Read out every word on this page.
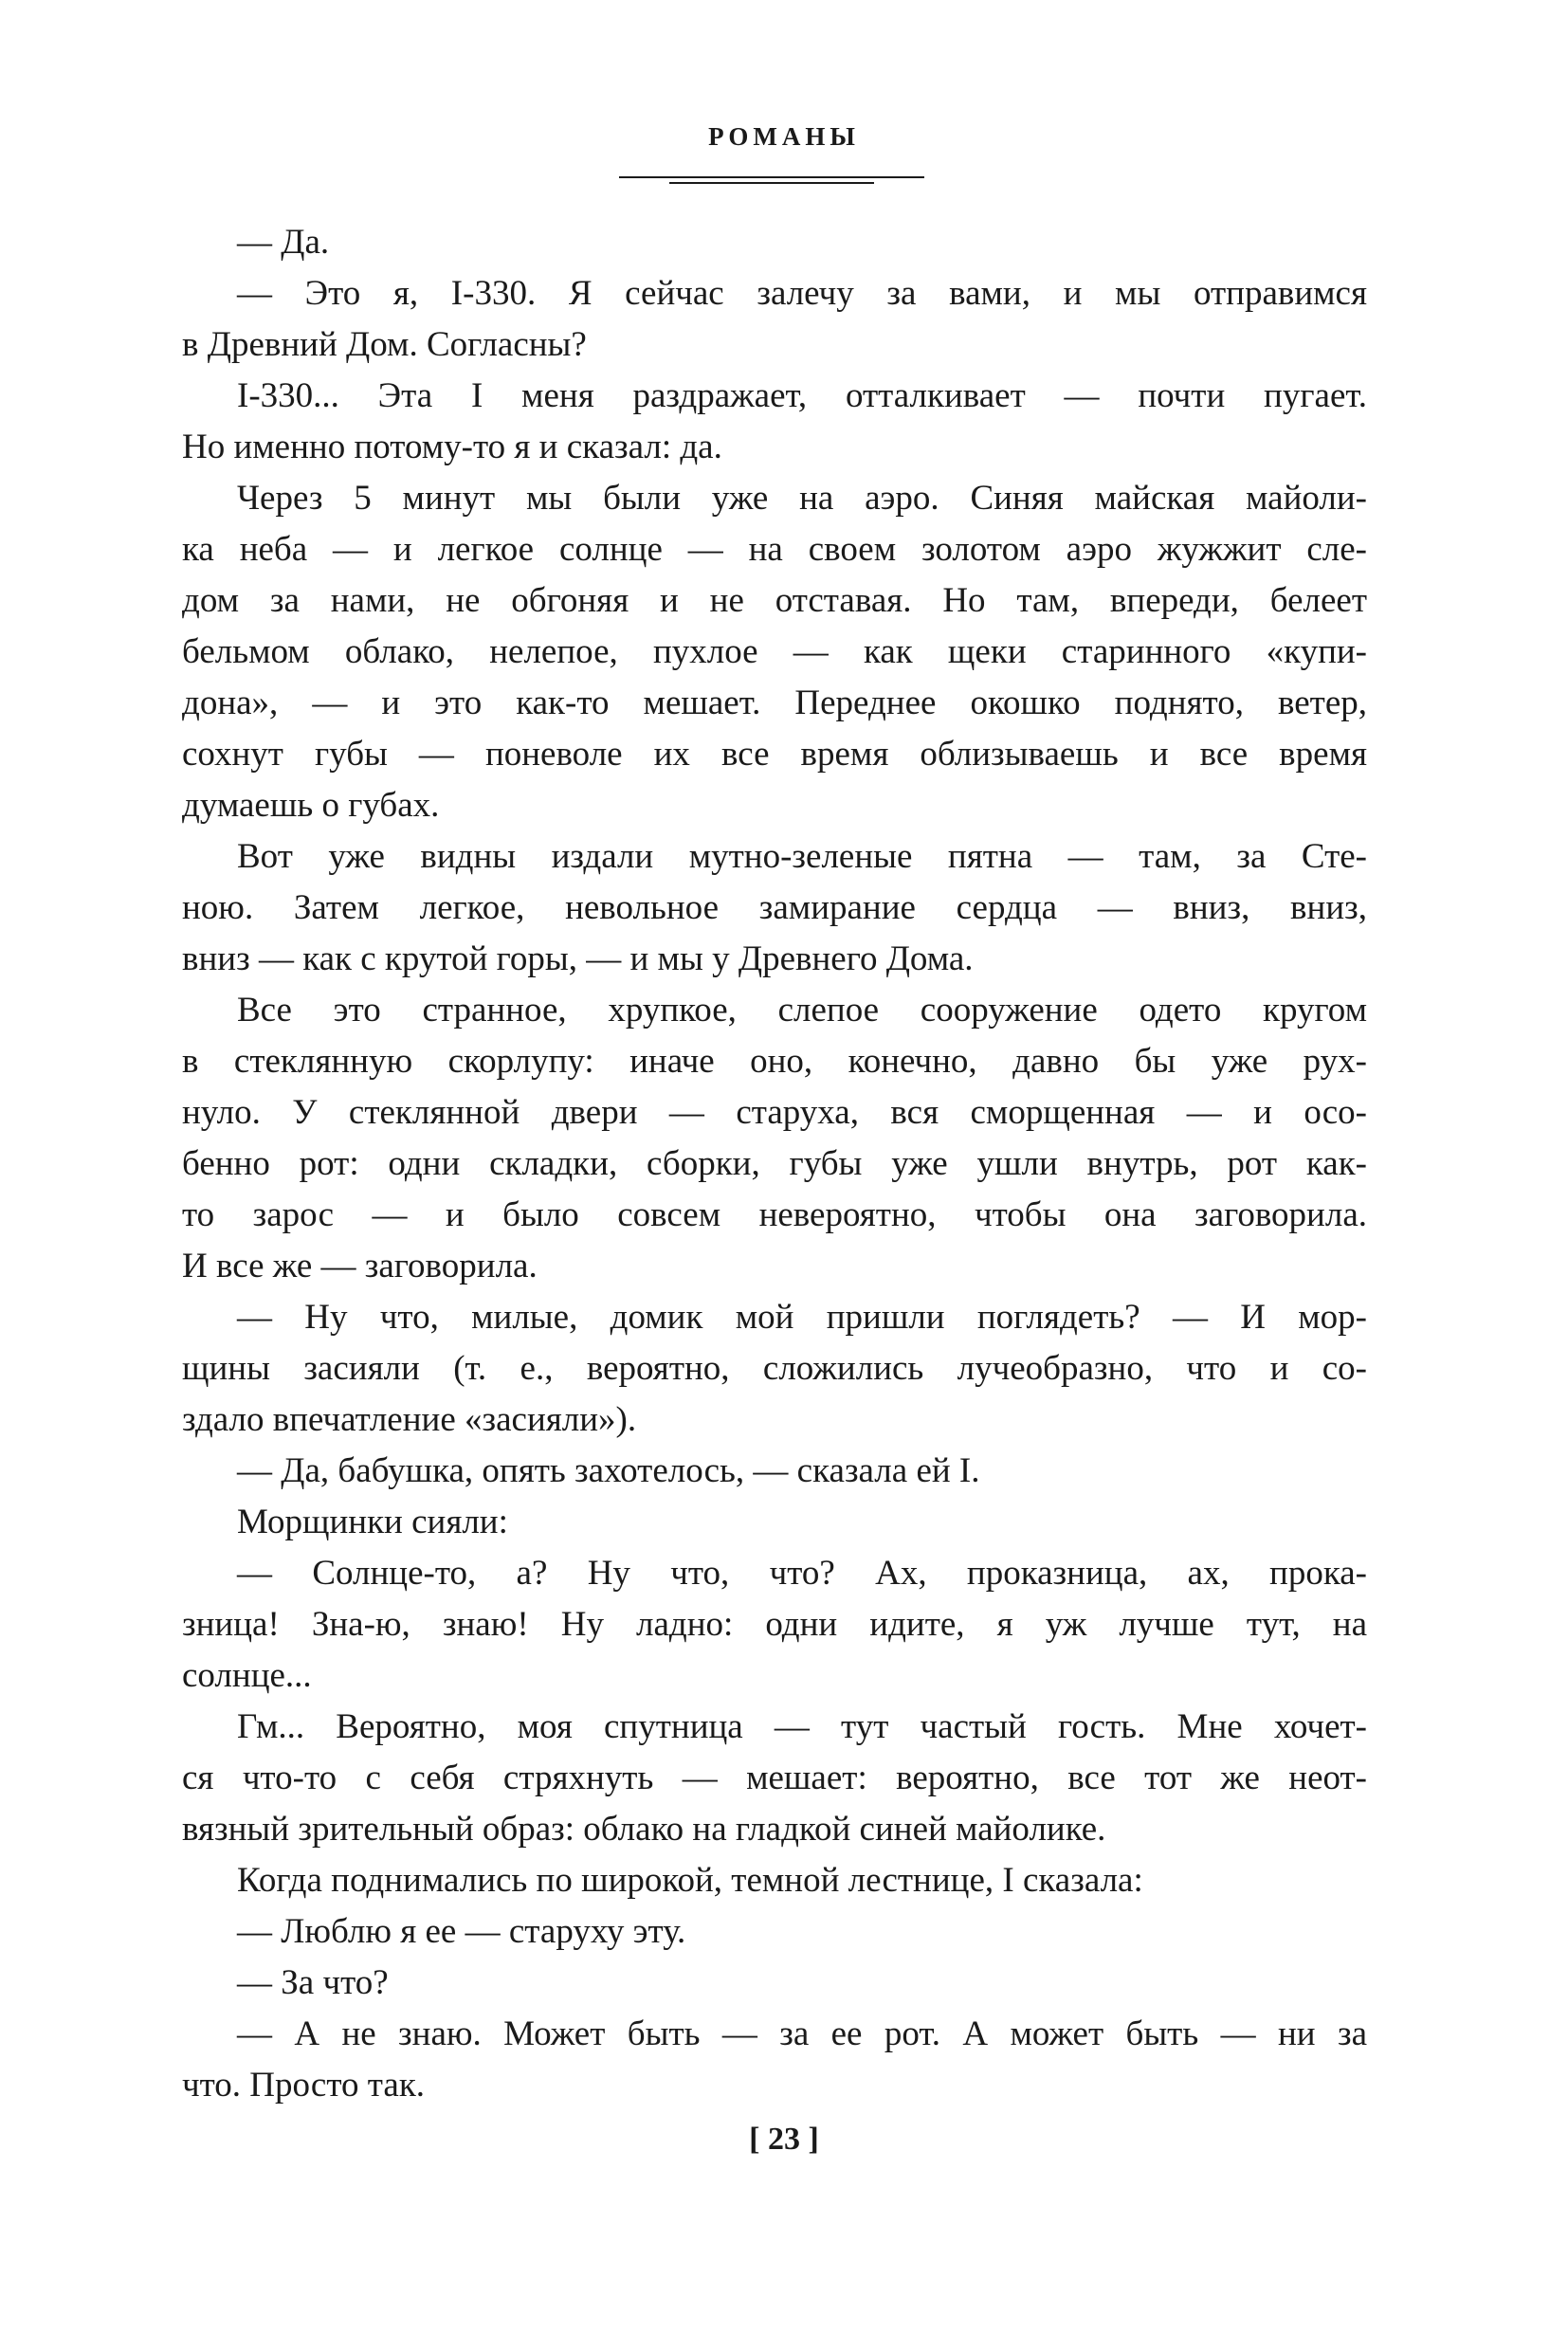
РОМАНЫ
— Да.
— Это я, I-330. Я сейчас залечу за вами, и мы отправимся
в Древний Дом. Согласны?
I-330... Эта I меня раздражает, отталкивает — почти пугает.
Но именно потому-то я и сказал: да.
Через 5 минут мы были уже на аэро. Синяя майская майоли-
ка неба — и легкое солнце — на своем золотом аэро жужжит сле-
дом за нами, не обгоняя и не отставая. Но там, впереди, белеет
бельмом облако, нелепое, пухлое — как щеки старинного «купи-
дона», — и это как-то мешает. Переднее окошко поднято, ветер,
сохнут губы — поневоле их все время облизываешь и все время
думаешь о губах.
Вот уже видны издали мутно-зеленые пятна — там, за Сте-
ною. Затем легкое, невольное замирание сердца — вниз, вниз,
вниз — как с крутой горы, — и мы у Древнего Дома.
Все это странное, хрупкое, слепое сооружение одето кругом
в стеклянную скорлупу: иначе оно, конечно, давно бы уже рух-
нуло. У стеклянной двери — старуха, вся сморщенная — и осо-
бенно рот: одни складки, сборки, губы уже ушли внутрь, рот как-
то зарос — и было совсем невероятно, чтобы она заговорила.
И все же — заговорила.
— Ну что, милые, домик мой пришли поглядеть? — И мор-
щины засияли (т. е., вероятно, сложились лучеобразно, что и со-
здало впечатление «засияли»).
— Да, бабушка, опять захотелось, — сказала ей I.
Морщинки сияли:
— Солнце-то, а? Ну что, что? Ах, проказница, ах, прока-
зница! Зна-ю, знаю! Ну ладно: одни идите, я уж лучше тут, на
солнце...
Гм... Вероятно, моя спутница — тут частый гость. Мне хочет-
ся что-то с себя стряхнуть — мешает: вероятно, все тот же неот-
вязный зрительный образ: облако на гладкой синей майолике.
Когда поднимались по широкой, темной лестнице, I сказала:
— Люблю я ее — старуху эту.
— За что?
— А не знаю. Может быть — за ее рот. А может быть — ни за
что. Просто так.
[ 23 ]
